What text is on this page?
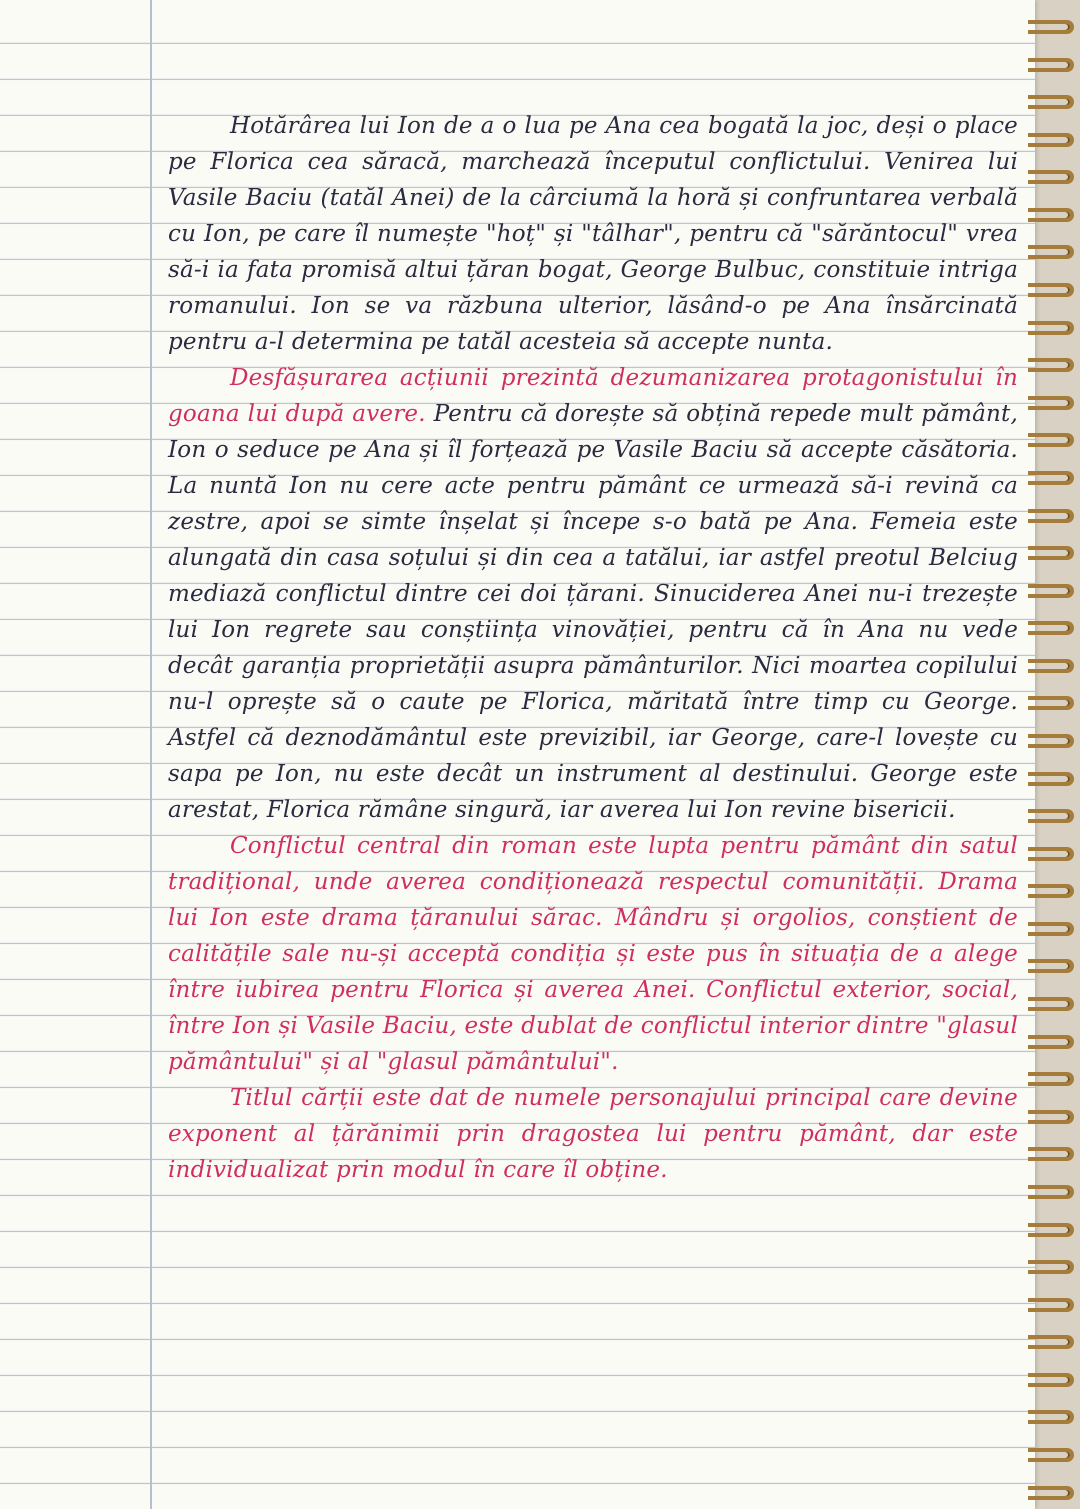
Hotărârea lui Ion de a o lua pe Ana cea bogată la joc, deși o place pe Florica cea săracă, marchează începutul conflictului. Venirea lui Vasile Baciu (tatăl Anei) de la cârciumă la horă și confruntarea verbală cu Ion, pe care îl numește "hoț" și "tâlhar", pentru că "sărăntocul" vrea să-i ia fata promisă altui țăran bogat, George Bulbuc, constituie intriga romanului. Ion se va răzbuna ulterior, lăsând-o pe Ana însărcinată pentru a-l determina pe tatăl acesteia să accepte nunta.

Desfășurarea acțiunii prezintă dezumanizarea protagonistului în goana lui după avere. Pentru că dorește să obțină repede mult pământ, Ion o seduce pe Ana și îl forțează pe Vasile Baciu să accepte căsătoria. La nuntă Ion nu cere acte pentru pământ ce urmează să-i revină ca zestre, apoi se simte înșelat și începe s-o bată pe Ana. Femeia este alungată din casa soțului și din cea a tatălui, iar astfel preotul Belciug mediază conflictul dintre cei doi țărani. Sinuciderea Anei nu-i trezește lui Ion regrete sau conștiința vinovăției, pentru că în Ana nu vede decât garanția proprietății asupra pământurilor. Nici moartea copilului nu-l oprește să o caute pe Florica, măritată între timp cu George. Astfel că deznodământul este previzibil, iar George, care-l lovește cu sapa pe Ion, nu este decât un instrument al destinului. George este arestat, Florica rămâne singură, iar averea lui Ion revine bisericii.

Conflictul central din roman este lupta pentru pământ din satul tradițional, unde averea condiționează respectul comunității. Drama lui Ion este drama țăranului sărac. Mândru și orgolios, conștient de calitățile sale nu-și acceptă condiția și este pus în situația de a alege între iubirea pentru Florica și averea Anei. Conflictul exterior, social, între Ion și Vasile Baciu, este dublat de conflictul interior dintre "glasul pământului" și al "glasul pământului".

Titlul cărții este dat de numele personajului principal care devine exponent al țărănimii prin dragostea lui pentru pământ, dar este individualizat prin modul în care îl obține.
